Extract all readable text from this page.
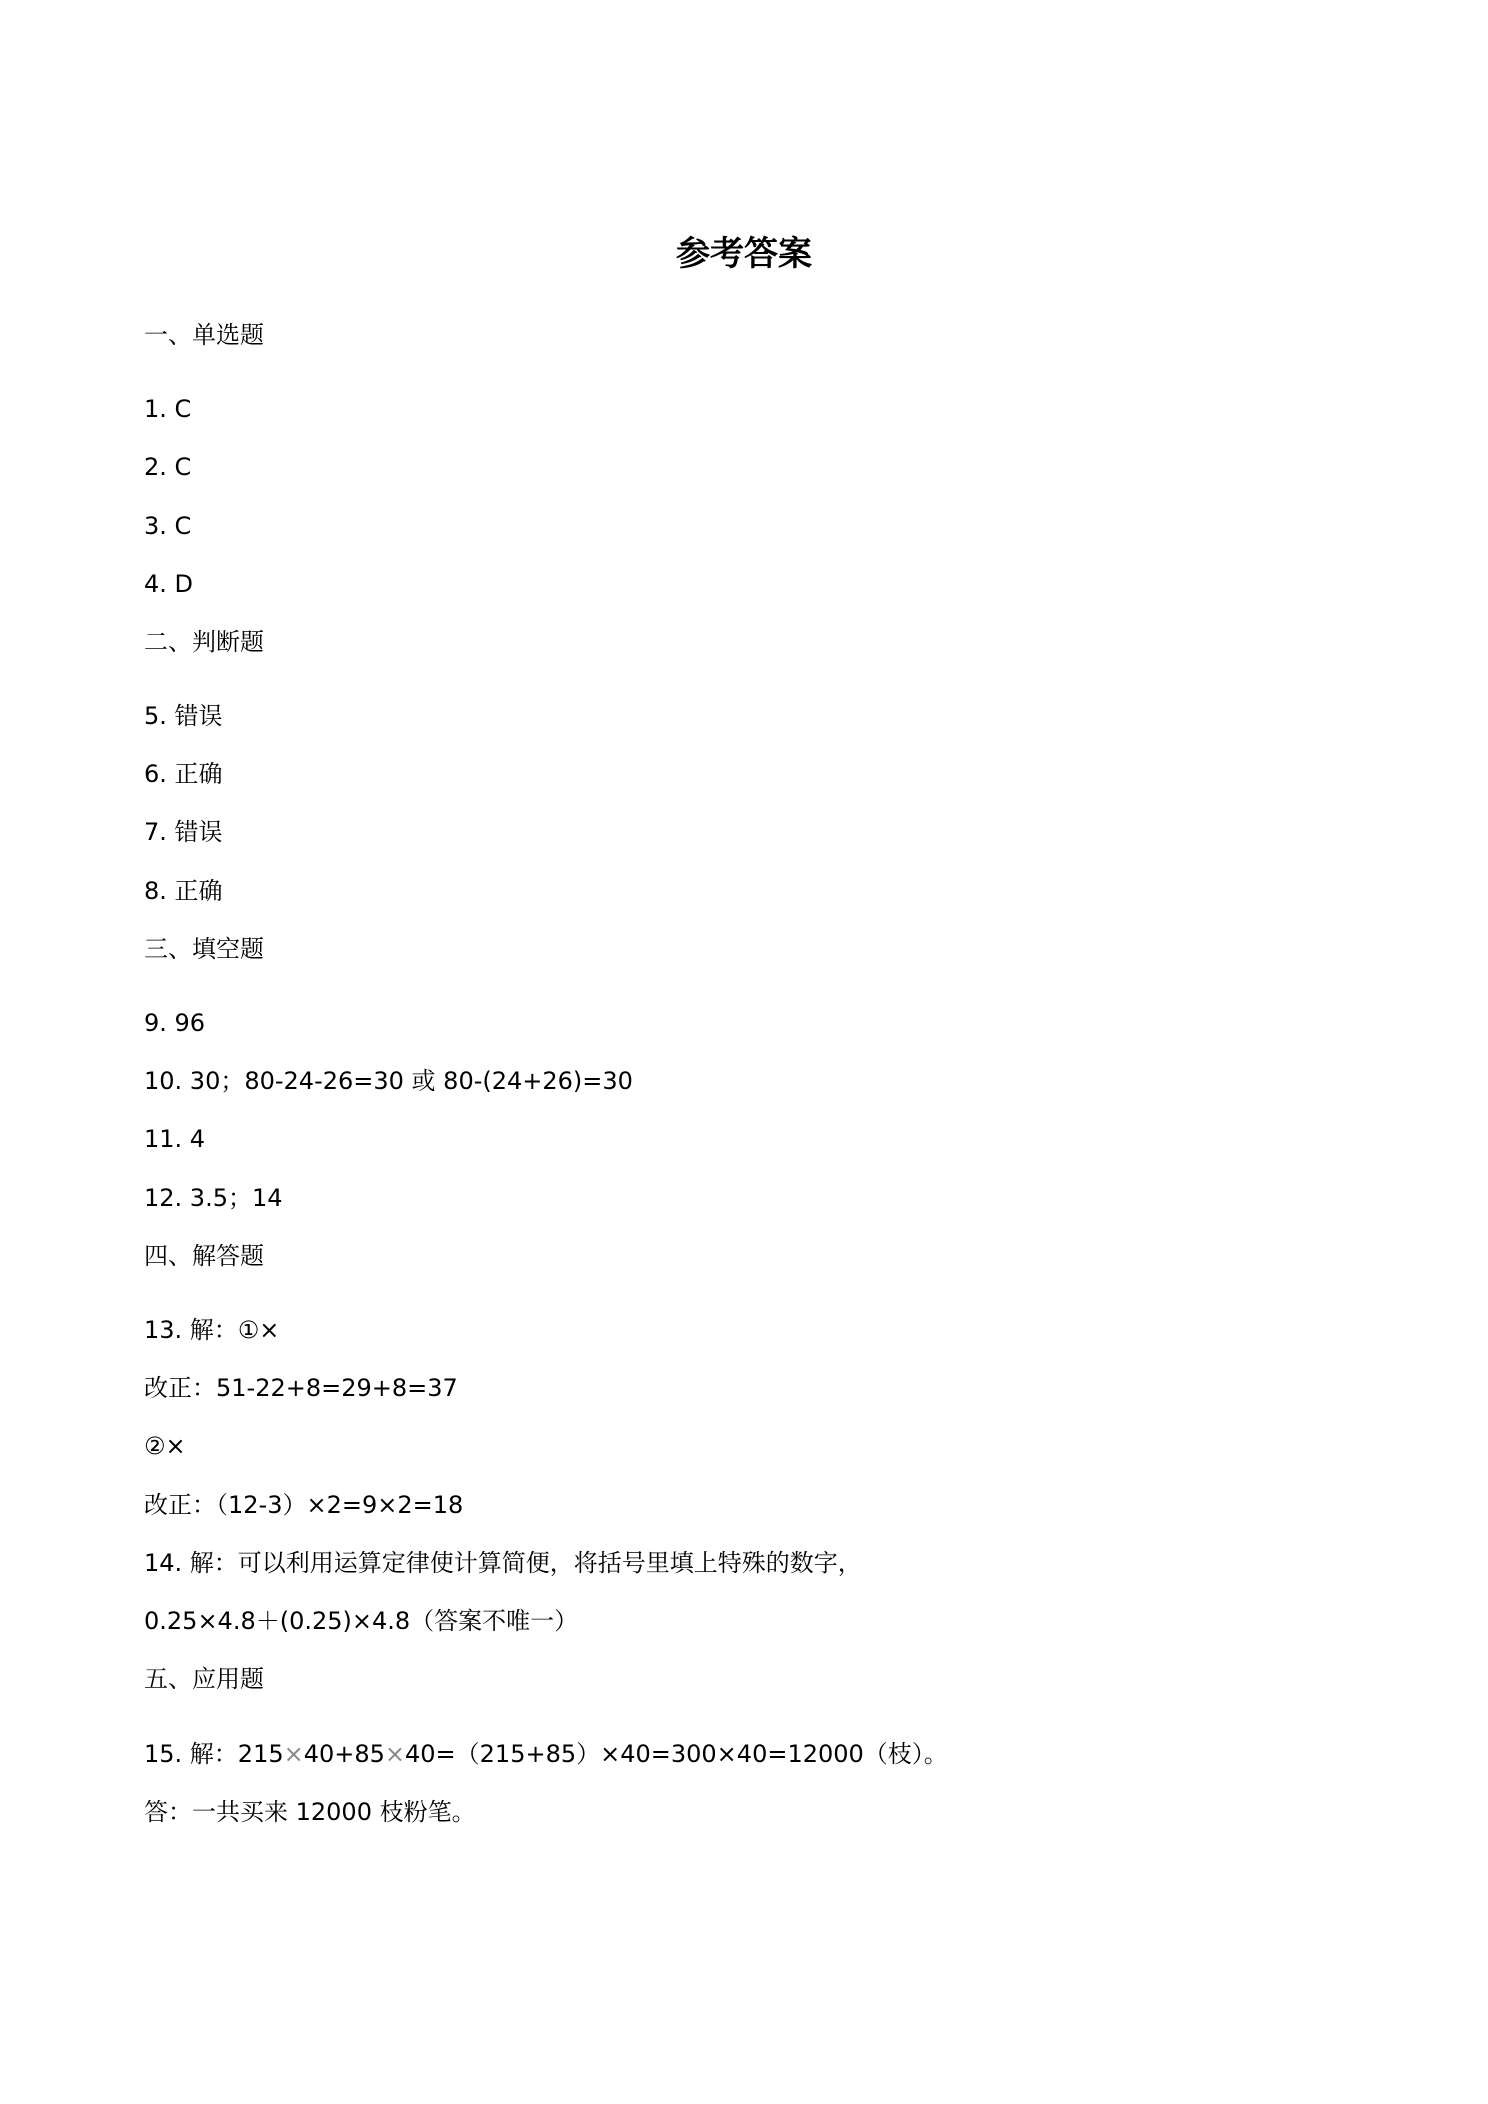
参考答案
一、单选题
1. C
2. C
3. C
4. D
二、判断题
5. 错误
6. 正确
7. 错误
8. 正确
三、填空题
9. 96
10. 30；80-24-26=30 或 80-(24+26)=30
11. 4
12. 3.5；14
四、解答题
13. 解：①×
改正：51-22+8=29+8=37
②×
改正：（12-3）×2=9×2=18
14. 解：可以利用运算定律使计算简便，将括号里填上特殊的数字，
0.25×4.8＋(0.25)×4.8（答案不唯一）
五、应用题
15. 解：215×40+85×40=（215+85）×40=300×40=12000（枝）。
答：一共买来 12000 枝粉笔。
